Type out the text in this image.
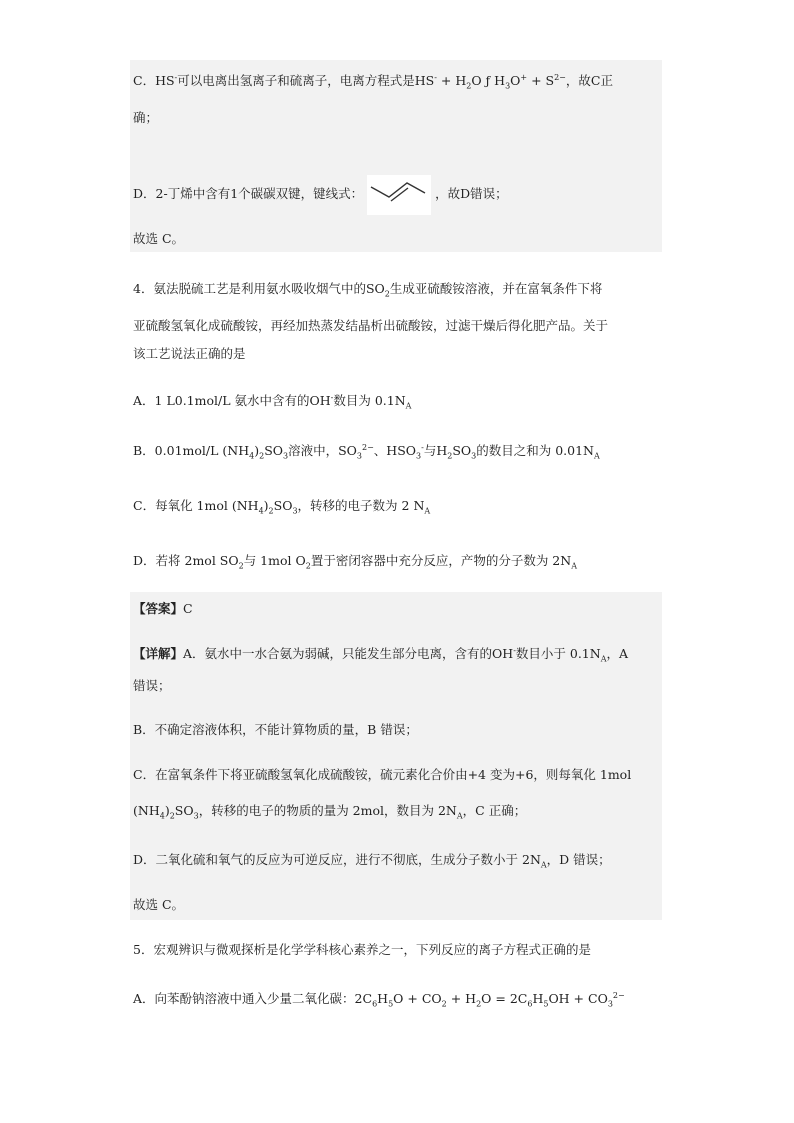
C．HS-可以电离出氢离子和硫离子，电离方程式是$HS^- + H_2O$ ƒ $H_3O^+ + S^{2-}$，故C正
确；
D．2-丁烯中含有1个碳碳双键，键线式：	，故D错误；
故选 C。
4．氨法脱硫工艺是利用氨水吸收烟气中的$SO_2$生成亚硫酸铵溶液，并在富氧条件下将
亚硫酸氢氧化成硫酸铵，再经加热蒸发结晶析出硫酸铵，过滤干燥后得化肥产品。关于
该工艺说法正确的是
A．1 L0.1mol/L 氨水中含有的OH-数目为 $0.1N_A$
B．0.01mol/L $(NH_4)_2SO_3$溶液中，$SO_3^{2-}$、$HSO_3^-$与$H_2SO_3$的数目之和为 $0.01N_A$
C．每氧化 1mol $(NH_4)_2SO_3$，转移的电子数为 2 $N_A$
D．若将 2mol $SO_2$与 1mol $O_2$置于密闭容器中充分反应，产物的分子数为 $2N_A$
【答案】C
【详解】A．氨水中一水合氨为弱碱，只能发生部分电离，含有的OH-数目小于 $0.1N_A$，A
错误；
B．不确定溶液体积，不能计算物质的量，B 错误；
C．在富氧条件下将亚硫酸氢氧化成硫酸铵，硫元素化合价由+4 变为+6，则每氧化 1mol
$(NH_4)_2SO_3$，转移的电子的物质的量为 2mol，数目为 $2N_A$，C 正确；
D．二氧化硫和氧气的反应为可逆反应，进行不彻底，生成分子数小于 $2N_A$，D 错误；
故选 C。
5．宏观辨识与微观探析是化学学科核心素养之一，下列反应的离子方程式正确的是
A．向苯酚钠溶液中通入少量二氧化碳：$2C_6H_5O + CO_2 + H_2O = 2C_6H_5OH + CO_3^{2-}$
